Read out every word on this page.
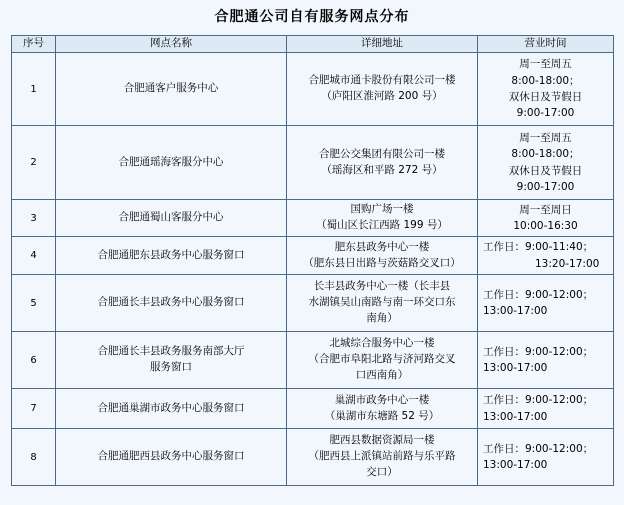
合肥通公司自有服务网点分布
序号	网点名称	详细地址	营业时间
1	合肥通客户服务中心	合肥城市通卡股份有限公司一楼
（庐阳区淮河路 200 号）	周一至周五
8:00-18:00；
双休日及节假日
9:00-17:00

2	合肥通瑶海客服分中心	合肥公交集团有限公司一楼
（瑶海区和平路 272 号）	周一至周五
8:00-18:00；
双休日及节假日
9:00-17:00

3	合肥通蜀山客服分中心	国购广场一楼
（蜀山区长江西路 199 号）	周一至周日
10:00-16:30

4	合肥通肥东县政务中心服务窗口	肥东县政务中心一楼
（肥东县日出路与茨菇路交叉口）	工作日：9:00-11:40；
13:20-17:00

5	合肥通长丰县政务中心服务窗口	长丰县政务中心一楼（长丰县
水湖镇吴山南路与南一环交口东
南角）	工作日：9:00-12:00；
13:00-17:00

6	合肥通长丰县政务服务南部大厅
服务窗口	北城综合服务中心一楼
（合肥市阜阳北路与济河路交叉
口西南角）	工作日：9:00-12:00；
13:00-17:00

7	合肥通巢湖市政务中心服务窗口	巢湖市政务中心一楼
（巢湖市东塘路 52 号）	工作日：9:00-12:00；
13:00-17:00

8	合肥通肥西县政务中心服务窗口	肥西县数据资源局一楼
（肥西县上派镇站前路与乐平路
交口）	工作日：9:00-12:00；
13:00-17:00
